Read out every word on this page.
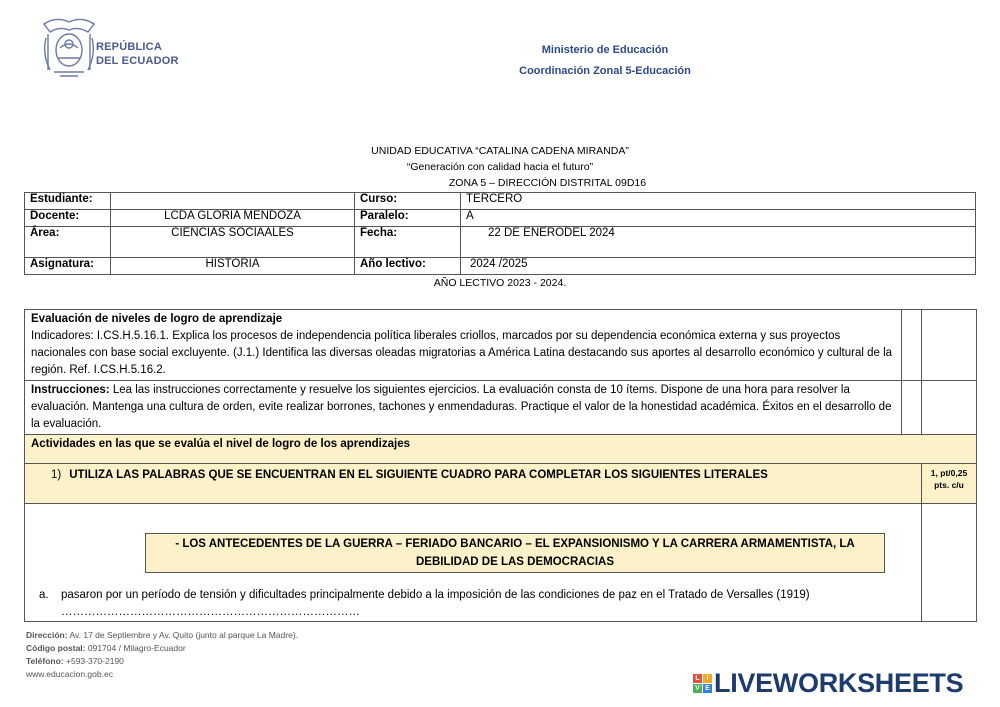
REPÚBLICA
DEL ECUADOR
Ministerio de Educación
Coordinación Zonal 5-Educación
UNIDAD EDUCATIVA “CATALINA CADENA MIRANDA”
“Generación con calidad hacia el futuro”
ZONA 5 – DIRECCIÓN DISTRITAL 09D16
Estudiante:		Curso:	TERCERO
Docente:	LCDA GLORIA MENDOZA	Paralelo:	A
Área:	CIENCIAS SOCIAALES	Fecha:	22 DE ENERODEL 2024
Asignatura:	HISTORIA	Año lectivo:	2024 /2025
AÑO LECTIVO 2023 - 2024.
Evaluación de niveles de logro de aprendizaje
Indicadores: I.CS.H.5.16.1. Explica los procesos de independencia política liberales criollos, marcados por su dependencia económica externa y sus proyectos nacionales con base social excluyente. (J.1.) Identifica las diversas oleadas migratorias a América Latina destacando sus aportes al desarrollo económico y cultural de la región. Ref. I.CS.H.5.16.2.		

Instrucciones: Lea las instrucciones correctamente y resuelve los siguientes ejercicios. La evaluación consta de 10 ítems. Dispone de una hora para resolver la evaluación. Mantenga una cultura de orden, evite realizar borrones, tachones y enmendaduras. Practique el valor de la honestidad académica. Éxitos en el desarrollo de la evaluación.		
Actividades en las que se evalúa el nivel de logro de los aprendizajes		
1) UTILIZA LAS PALABRAS QUE SE ENCUENTRAN EN EL SIGUIENTE CUADRO PARA COMPLETAR LOS SIGUIENTES LITERALES		1, pt/0,25
pts. c/u

- LOS ANTECEDENTES DE LA GUERRA – FERIADO BANCARIO – EL EXPANSIONISMO Y LA CARRERA ARMAMENTISTA, LA DEBILIDAD DE LAS DEMOCRACIAS
a. pasaron por un período de tensión y dificultades principalmente debido a la imposición de las condiciones de paz en el Tratado de Versalles (1919) ……………………………………………………………………		

Dirección: Av. 17 de Septiembre y Av. Quito (junto al parque La Madre).
Código postal: 091704 / Milagro-Ecuador
Teléfono: +593-370-2190
www.educacion.gob.ec	L I
V E LIVEWORKSHEETS
